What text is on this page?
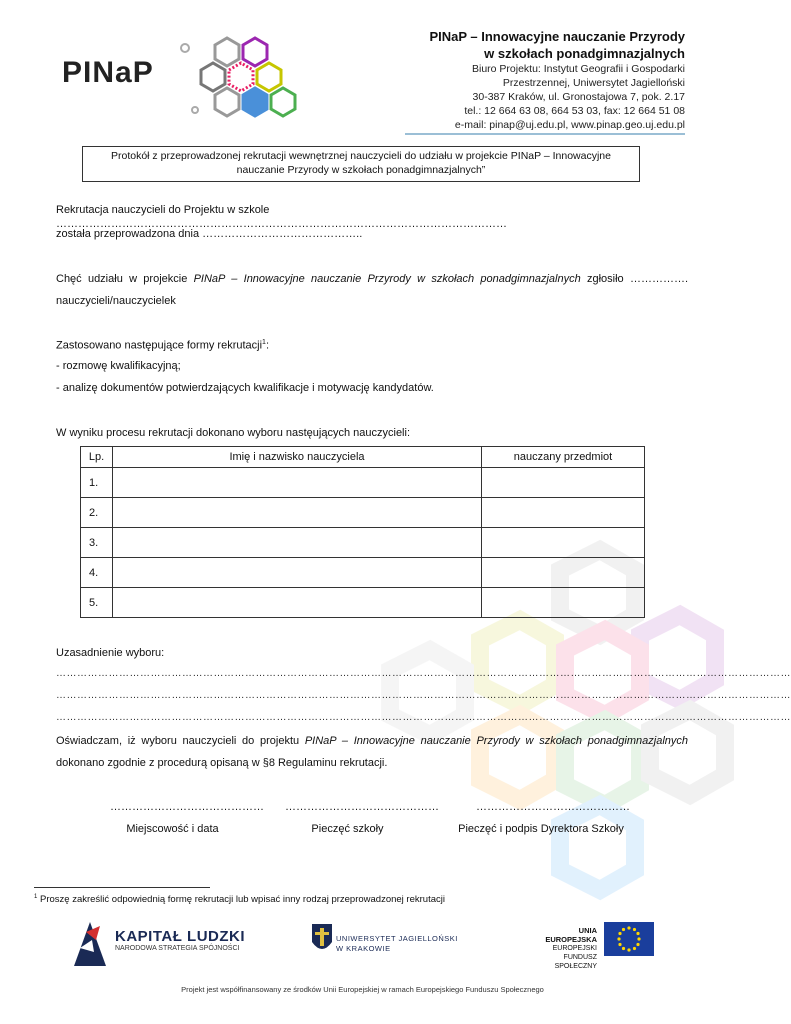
PINaP
PINaP – Innowacyjne nauczanie Przyrody
w szkołach ponadgimnazjalnych
Biuro Projektu: Instytut Geografii i Gospodarki
Przestrzennej, Uniwersytet Jagielloński
30-387 Kraków, ul. Gronostajowa 7, pok. 2.17
tel.: 12 664 63 08, 664 53 03, fax: 12 664 51 08
e-mail: pinap@uj.edu.pl, www.pinap.geo.uj.edu.pl
Protokół z przeprowadzonej rekrutacji wewnętrznej nauczycieli do udziału w projekcie PINaP – Innowacyjne
nauczanie Przyrody w szkołach ponadgimnazjalnych”
Rekrutacja nauczycieli do Projektu w szkole ……………………………………………………………………………………………………………
została przeprowadzona dnia ……………………………………..
Chęć udziału w projekcie PINaP – Innowacyjne nauczanie Przyrody w szkołach ponadgimnazjalnych zgłosiło …………….
nauczycieli/nauczycielek
Zastosowano następujące formy rekrutacji$^1$:
- rozmowę kwalifikacyjną;
- analizę dokumentów potwierdzających kwalifikacje i motywację kandydatów.
W wyniku procesu rekrutacji dokonano wyboru nastęujących nauczycieli:
Lp.	Imię i nazwisko nauczyciela	nauczany przedmiot
1.		
2.		
3.		
4.		
5.		
Uzasadnienie wyboru:
…………………………………………………………………………………………………………………………………………………………………………………………
…………………………………………………………………………………………………………………………………………………………………………………………
…………………………………………………………………………………………………………………………………………………………………………………………
Oświadczam, iż wyboru nauczycieli do projektu PINaP – Innowacyjne nauczanie Przyrody w szkołach ponadgimnazjalnych
dokonano zgodnie z procedurą opisaną w §8 Regulaminu rekrutacji.
…………………………………… ……………………………………	……………………………………
Miejscowość i data	Pieczęć szkoły	Pieczęć i podpis Dyrektora Szkoły
$^1$ Proszę zakreślić odpowiednią formę rekrutacji lub wpisać inny rodzaj przeprowadzonej rekrutacji
KAPITAŁ LUDZKI
NARODOWA STRATEGIA SPÓJNOŚCI
UNIWERSYTET JAGIELLOŃSKI
W KRAKOWIE
UNIA EUROPEJSKA
EUROPEJSKI
FUNDUSZ SPOŁECZNY
Projekt jest współfinansowany ze środków Unii Europejskiej w ramach Europejskiego Funduszu Społecznego
